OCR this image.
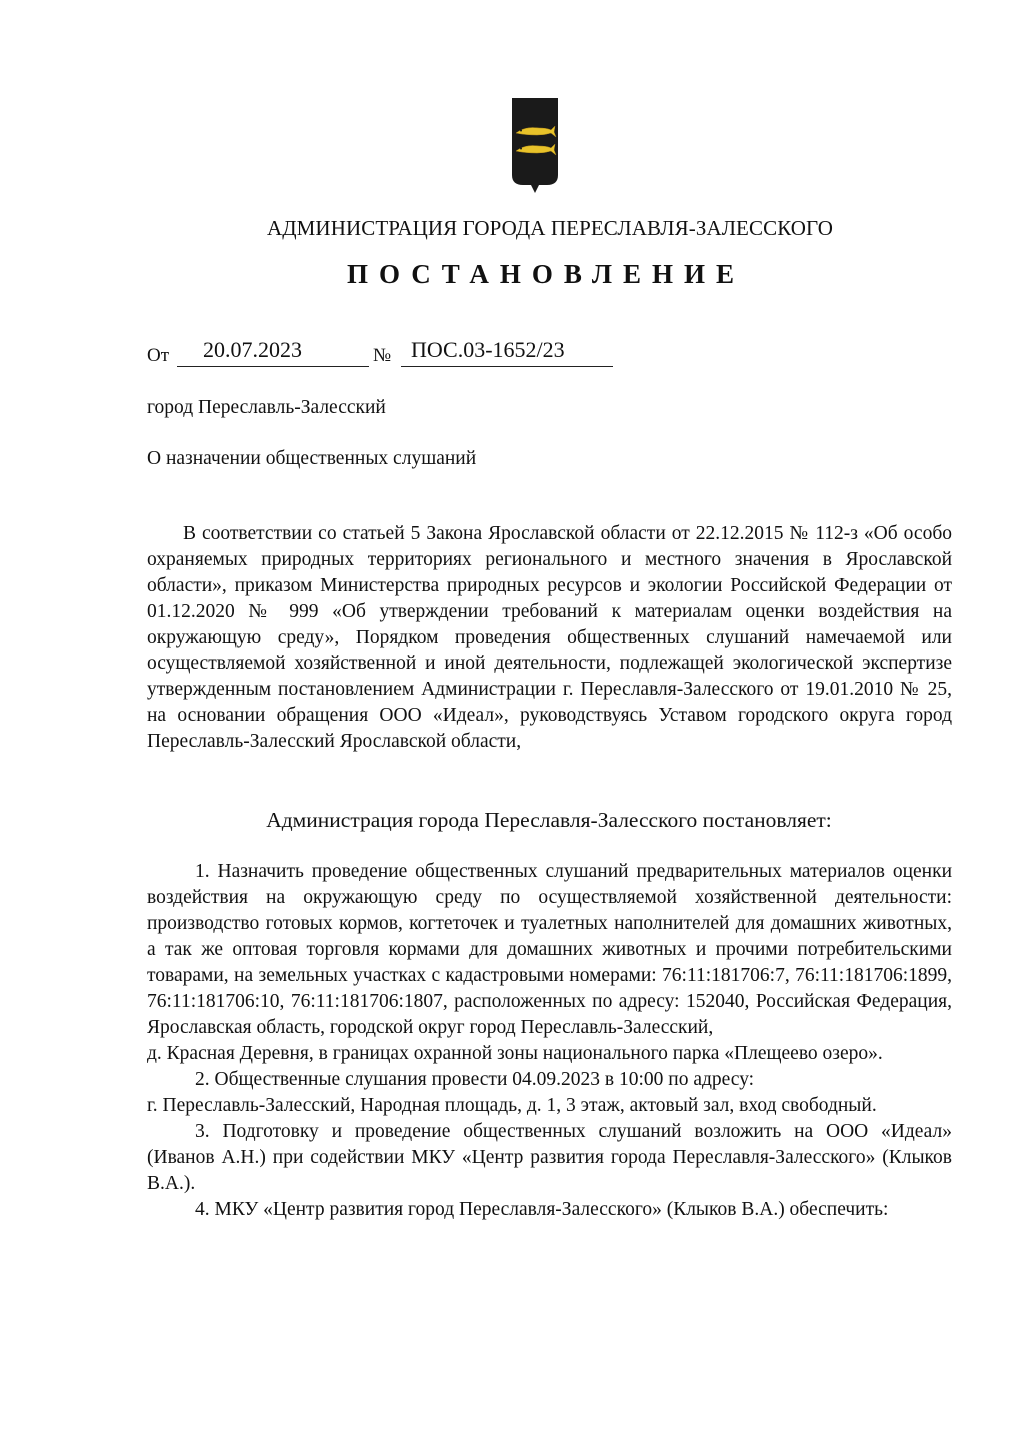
АДМИНИСТРАЦИЯ ГОРОДА ПЕРЕСЛАВЛЯ-ЗАЛЕССКОГО
ПОСТАНОВЛЕНИЕ
От 20.07.2023	№ ПОС.03-1652/23
город Переславль-Залесский
О назначении общественных слушаний
В соответствии со статьей 5 Закона Ярославской области от 22.12.2015 № 112-з «Об особо охраняемых природных территориях регионального и местного значения в Ярославской области», приказом Министерства природных ресурсов и экологии Российской Федерации от 01.12.2020 № 999 «Об утверждении требований к материалам оценки воздействия на окружающую среду», Порядком проведения общественных слушаний намечаемой или осуществляемой хозяйственной и иной деятельности, подлежащей экологической экспертизе утвержденным постановлением Администрации г. Переславля-Залесского от 19.01.2010 № 25, на основании обращения ООО «Идеал», руководствуясь Уставом городского округа город Переславль-Залесский Ярославской области,
Администрация города Переславля-Залесского постановляет:

1. Назначить проведение общественных слушаний предварительных материалов оценки воздействия на окружающую среду по осуществляемой хозяйственной деятельности: производство готовых кормов, когтеточек и туалетных наполнителей для домашних животных, а так же оптовая торговля кормами для домашних животных и прочими потребительскими товарами, на земельных участках с кадастровыми номерами: 76:11:181706:7, 76:11:181706:1899, 76:11:181706:10, 76:11:181706:1807, расположенных по адресу: 152040, Российская Федерация, Ярославская область, городской округ город Переславль-Залесский,

д. Красная Деревня, в границах охранной зоны национального парка «Плещеево озеро».

2. Общественные слушания провести 04.09.2023 в 10:00 по адресу:

г. Переславль-Залесский, Народная площадь, д. 1, 3 этаж, актовый зал, вход свободный.

3. Подготовку и проведение общественных слушаний возложить на ООО «Идеал» (Иванов А.Н.) при содействии МКУ «Центр развития города Переславля-Залесского» (Клыков В.А.).

4. МКУ «Центр развития город Переславля-Залесского» (Клыков В.А.) обеспечить:
